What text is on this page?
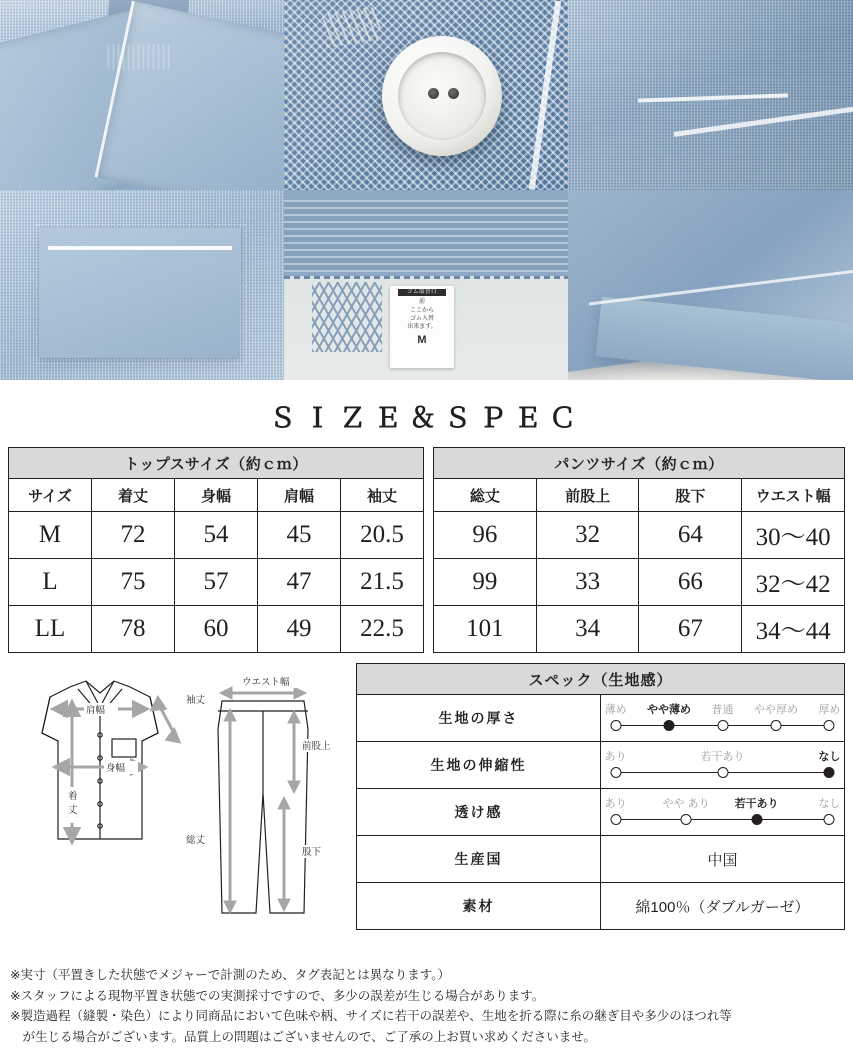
ゴム取替口
前
ここから
ゴム入替
出来ます。
M
ＳＩＺＥ＆ＳＰＥＣ
トップスサイズ（約ｃｍ）				
サイズ	着丈	身幅	肩幅	袖丈
M	72	54	45	20.5
L	75	57	47	21.5
LL	78	60	49	22.5
パンツサイズ（約ｃｍ）			
総丈	前股上	股下	ウエスト幅
96	32	64	30〜40
99	33	66	32〜42
101	34	67	34〜44
袖丈
肩幅
身幅
着
丈
ウエスト幅
前股上
総丈
股下
スペック（生地感）	
生地の厚さ	薄め やや薄め 普通 やや厚め 厚め

生地の伸縮性	あり 若干あり なし

透け感	あり やや あり 若干あり なし

生産国	中国
素材	綿100％（ダブルガーゼ）

※実寸（平置きした状態でメジャーで計測のため、タグ表記とは異なります。）

※スタッフによる現物平置き状態での実測採寸ですので、多少の誤差が生じる場合があります。

※製造過程（縫製・染色）により同商品において色味や柄、サイズに若干の誤差や、生地を折る際に糸の継ぎ目や多少のほつれ等

　が生じる場合がございます。品質上の問題はございませんので、ご了承の上お買い求めくださいませ。
